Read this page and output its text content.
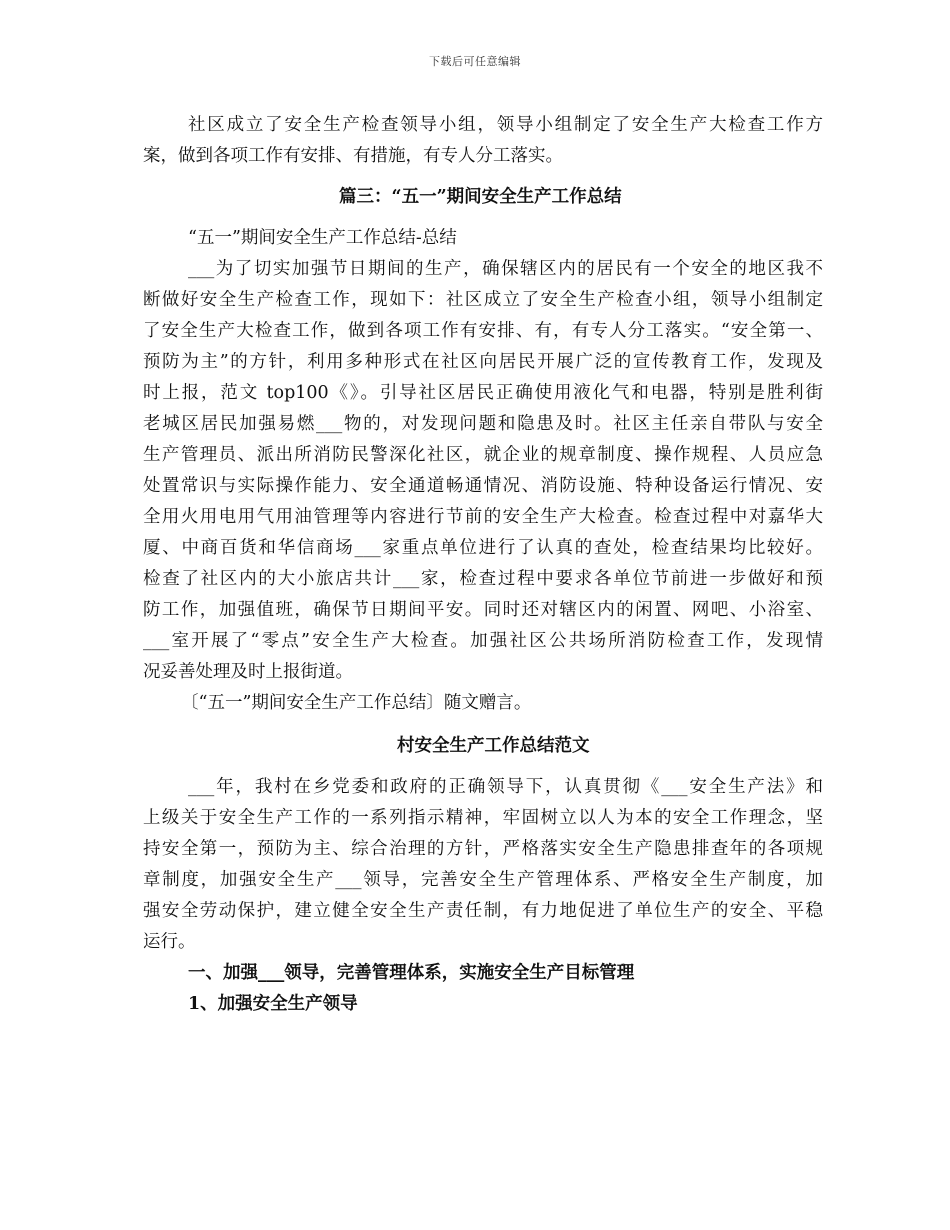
下载后可任意编辑
社区成立了安全生产检查领导小组，领导小组制定了安全生产大检查工作方
案，做到各项工作有安排、有措施，有专人分工落实。
篇三：“五一”期间安全生产工作总结
“五一”期间安全生产工作总结-总结
___为了切实加强节日期间的生产，确保辖区内的居民有一个安全的地区我不
断做好安全生产检查工作，现如下：社区成立了安全生产检查小组，领导小组制定
了安全生产大检查工作，做到各项工作有安排、有，有专人分工落实。“安全第一、
预防为主”的方针，利用多种形式在社区向居民开展广泛的宣传教育工作，发现及
时上报，范文 top100《》。引导社区居民正确使用液化气和电器，特别是胜利街
老城区居民加强易燃___物的，对发现问题和隐患及时。社区主任亲自带队与安全
生产管理员、派出所消防民警深化社区，就企业的规章制度、操作规程、人员应急
处置常识与实际操作能力、安全通道畅通情况、消防设施、特种设备运行情况、安
全用火用电用气用油管理等内容进行节前的安全生产大检查。检查过程中对嘉华大
厦、中商百货和华信商场___家重点单位进行了认真的查处，检查结果均比较好。
检查了社区内的大小旅店共计___家，检查过程中要求各单位节前进一步做好和预
防工作，加强值班，确保节日期间平安。同时还对辖区内的闲置、网吧、小浴室、
___室开展了“零点”安全生产大检查。加强社区公共场所消防检查工作，发现情
况妥善处理及时上报街道。
〔“五一”期间安全生产工作总结〕随文赠言。
村安全生产工作总结范文
___年，我村在乡党委和政府的正确领导下，认真贯彻《___安全生产法》和
上级关于安全生产工作的一系列指示精神，牢固树立以人为本的安全工作理念，坚
持安全第一，预防为主、综合治理的方针，严格落实安全生产隐患排查年的各项规
章制度，加强安全生产___领导，完善安全生产管理体系、严格安全生产制度，加
强安全劳动保护，建立健全安全生产责任制，有力地促进了单位生产的安全、平稳
运行。
一、加强___领导，完善管理体系，实施安全生产目标管理
1、加强安全生产领导
